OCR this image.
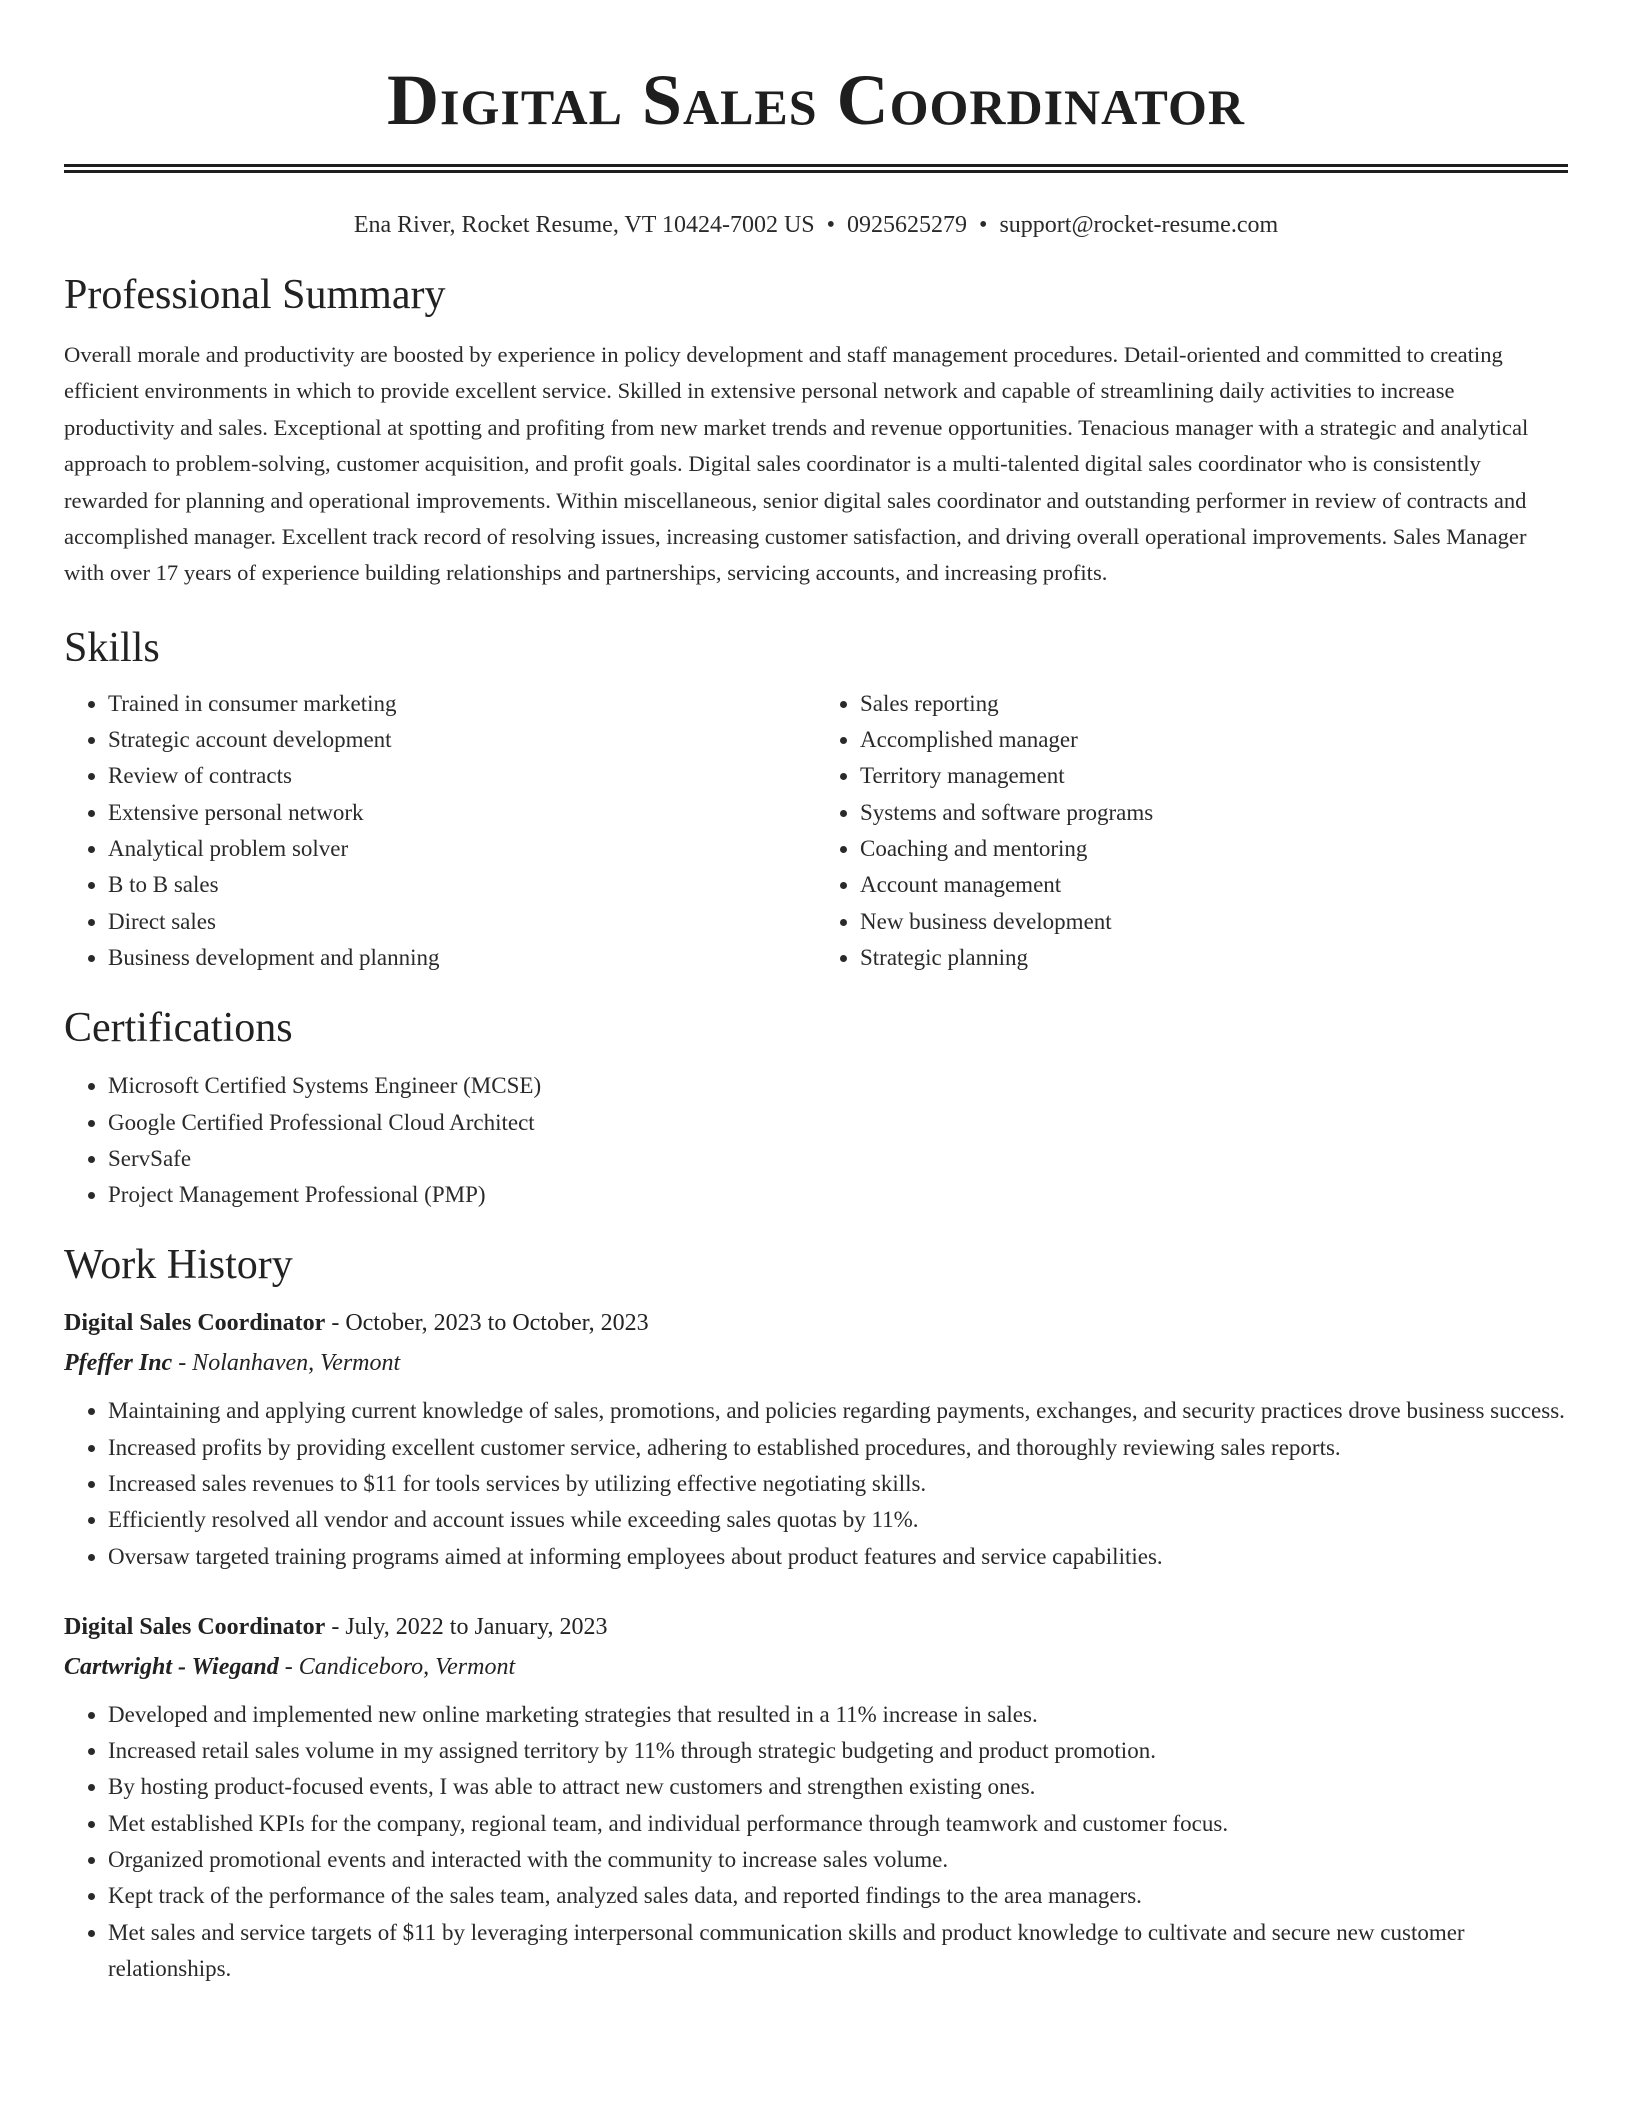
Digital Sales Coordinator
Ena River, Rocket Resume, VT 10424-7002 US • 0925625279 • support@rocket-resume.com
Professional Summary

Overall morale and productivity are boosted by experience in policy development and staff management procedures. Detail-oriented and committed to creating efficient environments in which to provide excellent service. Skilled in extensive personal network and capable of streamlining daily activities to increase productivity and sales. Exceptional at spotting and profiting from new market trends and revenue opportunities. Tenacious manager with a strategic and analytical approach to problem-solving, customer acquisition, and profit goals. Digital sales coordinator is a multi-talented digital sales coordinator who is consistently rewarded for planning and operational improvements. Within miscellaneous, senior digital sales coordinator and outstanding performer in review of contracts and accomplished manager. Excellent track record of resolving issues, increasing customer satisfaction, and driving overall operational improvements. Sales Manager with over 17 years of experience building relationships and partnerships, servicing accounts, and increasing profits.

Skills
• Trained in consumer marketing
• Strategic account development
• Review of contracts
• Extensive personal network
• Analytical problem solver
• B to B sales
• Direct sales
• Business development and planning
• Sales reporting
• Accomplished manager
• Territory management
• Systems and software programs
• Coaching and mentoring
• Account management
• New business development
• Strategic planning
Certifications
• Microsoft Certified Systems Engineer (MCSE)
• Google Certified Professional Cloud Architect
• ServSafe
• Project Management Professional (PMP)
Work History
Digital Sales Coordinator - October, 2023 to October, 2023
Pfeffer Inc - Nolanhaven, Vermont
• Maintaining and applying current knowledge of sales, promotions, and policies regarding payments, exchanges, and security practices drove business success.
• Increased profits by providing excellent customer service, adhering to established procedures, and thoroughly reviewing sales reports.
• Increased sales revenues to $11 for tools services by utilizing effective negotiating skills.
• Efficiently resolved all vendor and account issues while exceeding sales quotas by 11%.
• Oversaw targeted training programs aimed at informing employees about product features and service capabilities.
Digital Sales Coordinator - July, 2022 to January, 2023
Cartwright - Wiegand - Candiceboro, Vermont
• Developed and implemented new online marketing strategies that resulted in a 11% increase in sales.
• Increased retail sales volume in my assigned territory by 11% through strategic budgeting and product promotion.
• By hosting product-focused events, I was able to attract new customers and strengthen existing ones.
• Met established KPIs for the company, regional team, and individual performance through teamwork and customer focus.
• Organized promotional events and interacted with the community to increase sales volume.
• Kept track of the performance of the sales team, analyzed sales data, and reported findings to the area managers.
• Met sales and service targets of $11 by leveraging interpersonal communication skills and product knowledge to cultivate and secure new customer relationships.
